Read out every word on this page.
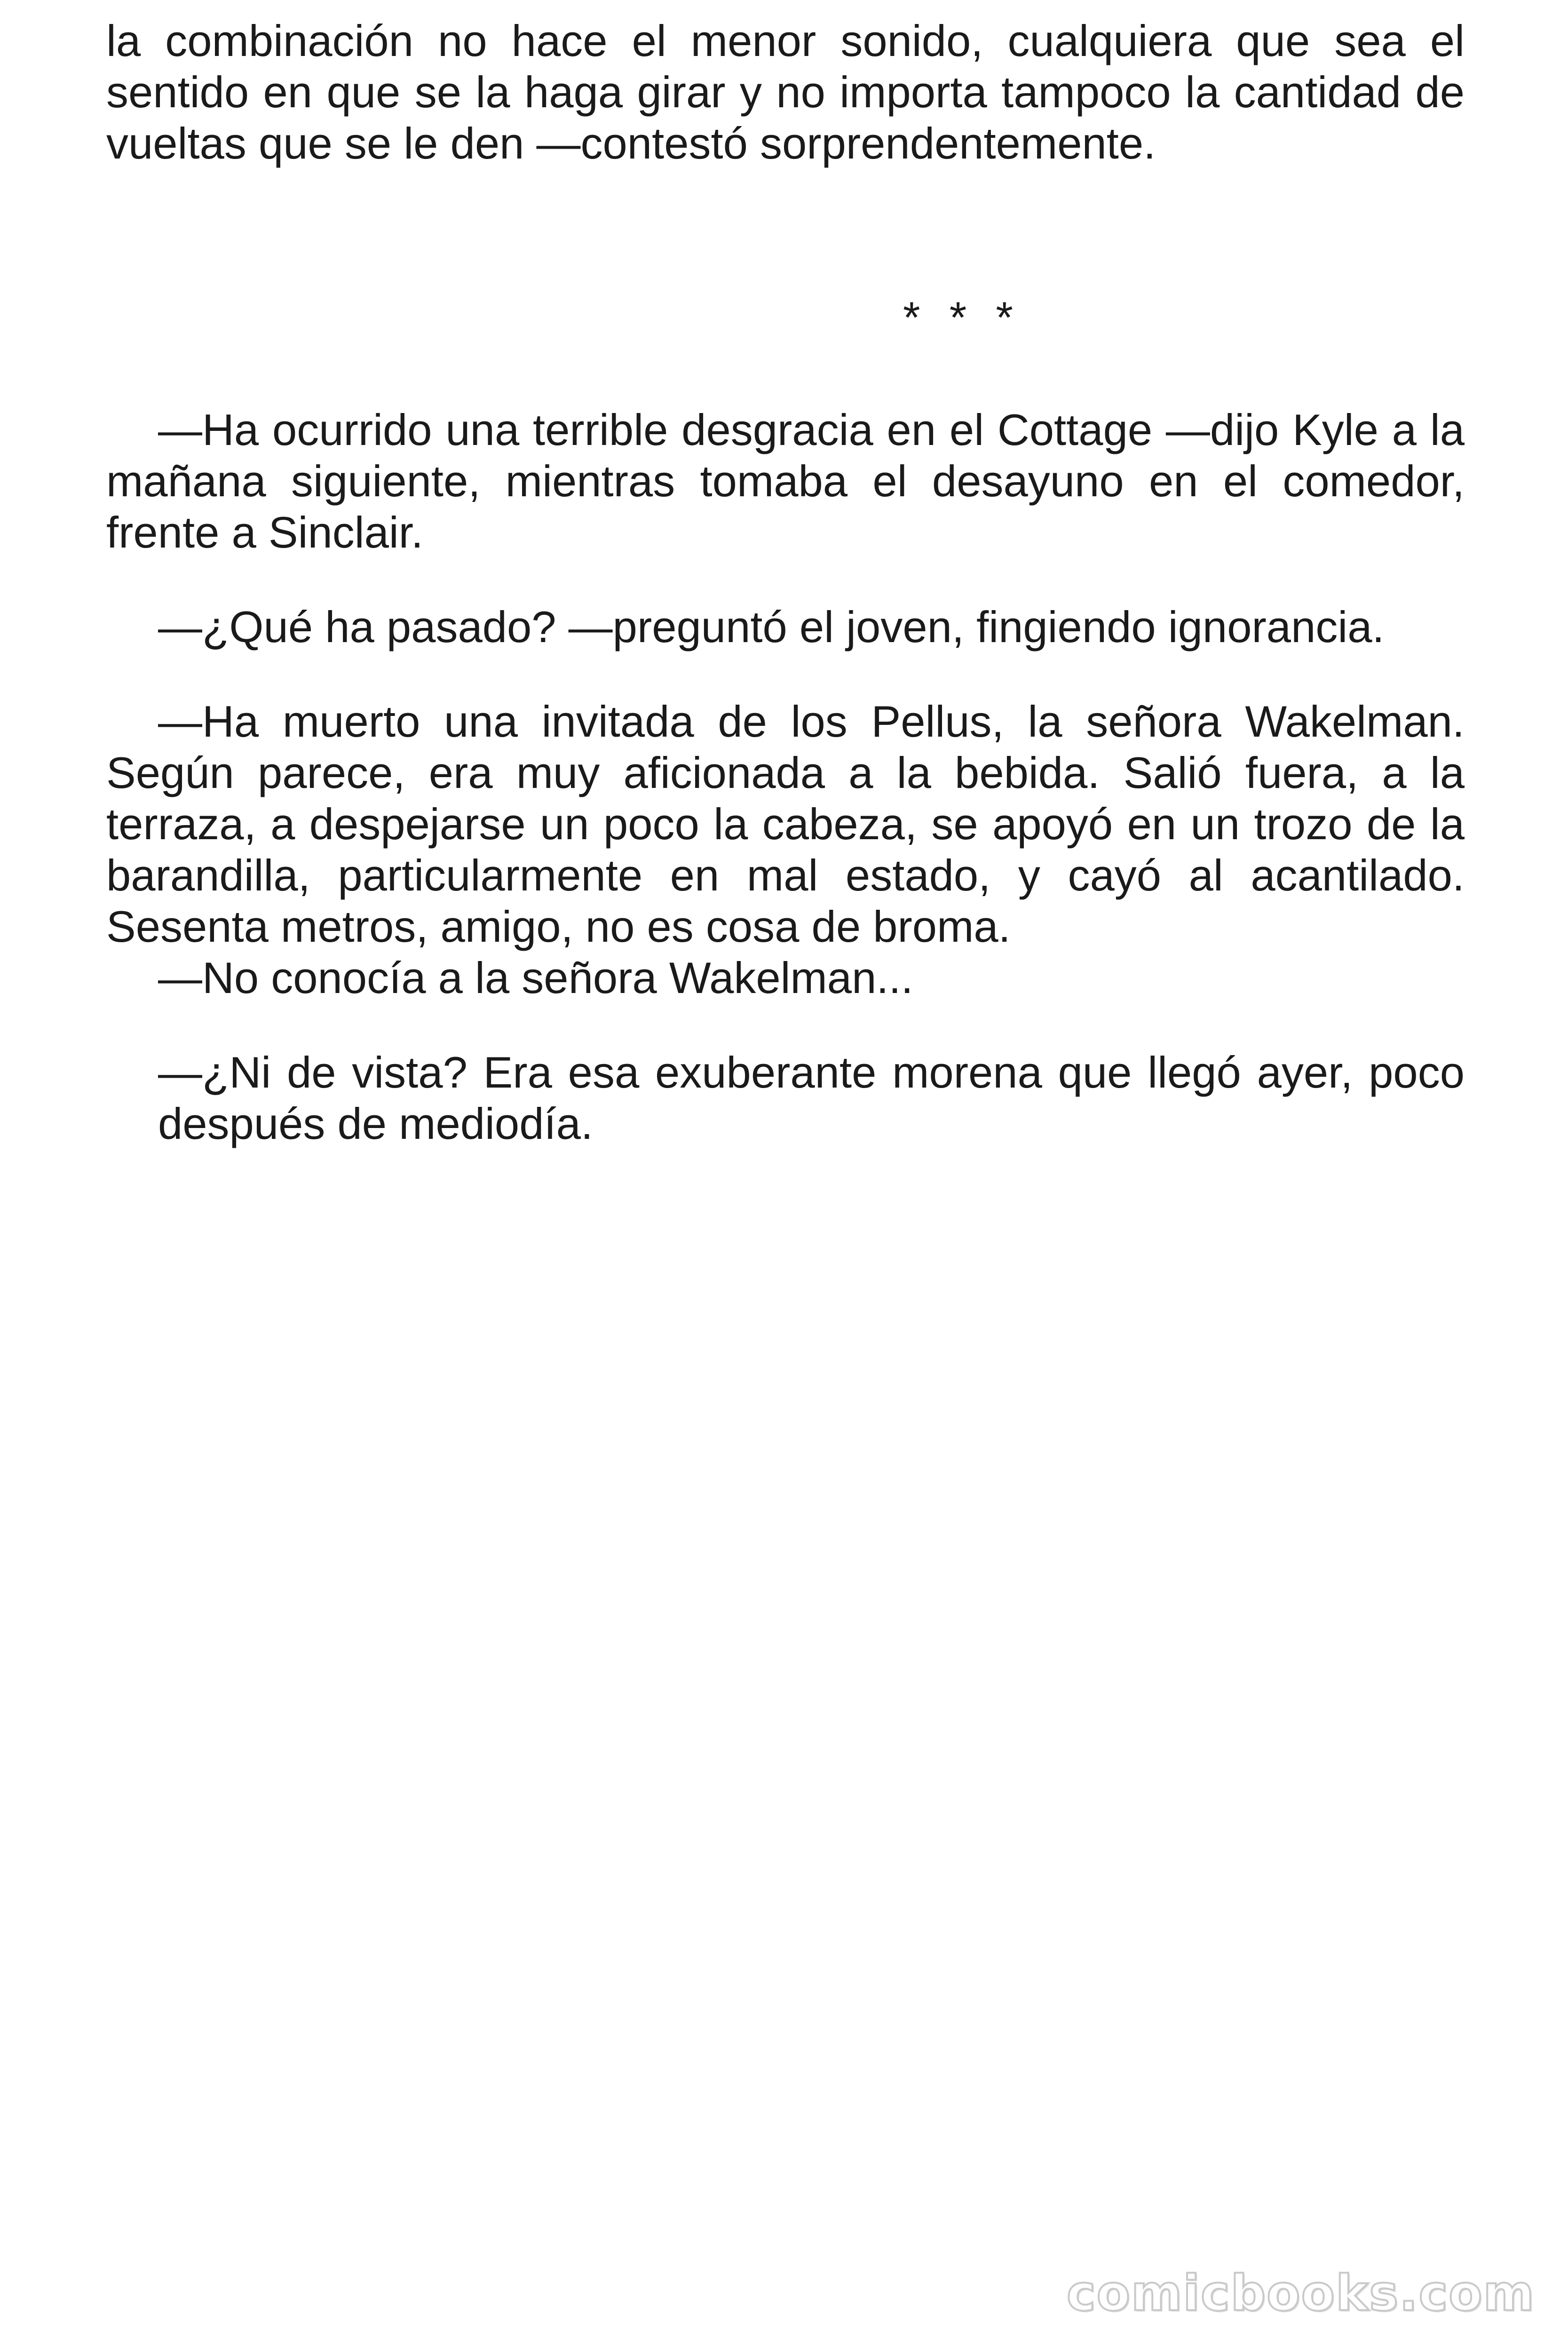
la combinación no hace el menor sonido, cualquiera que sea el sentido en que se la haga girar y no importa tampoco la cantidad de vueltas que se le den —contestó sorprendentemente.

—Ha ocurrido una terrible desgracia en el Cottage —dijo Kyle a la mañana siguiente, mientras tomaba el desayuno en el comedor, frente a Sinclair.

—¿Qué ha pasado? —preguntó el joven, fingiendo ignorancia.

—Ha muerto una invitada de los Pellus, la señora Wakelman. Según parece, era muy aficionada a la bebida. Salió fuera, a la terraza, a despejarse un poco la cabeza, se apoyó en un trozo de la barandilla, particularmente en mal estado, y cayó al acantilado. Sesenta metros, amigo, no es cosa de broma.

—No conocía a la señora Wakelman...

—¿Ni de vista? Era esa exuberante morena que llegó ayer, poco después de mediodía.

* * *
comicbooks.com
